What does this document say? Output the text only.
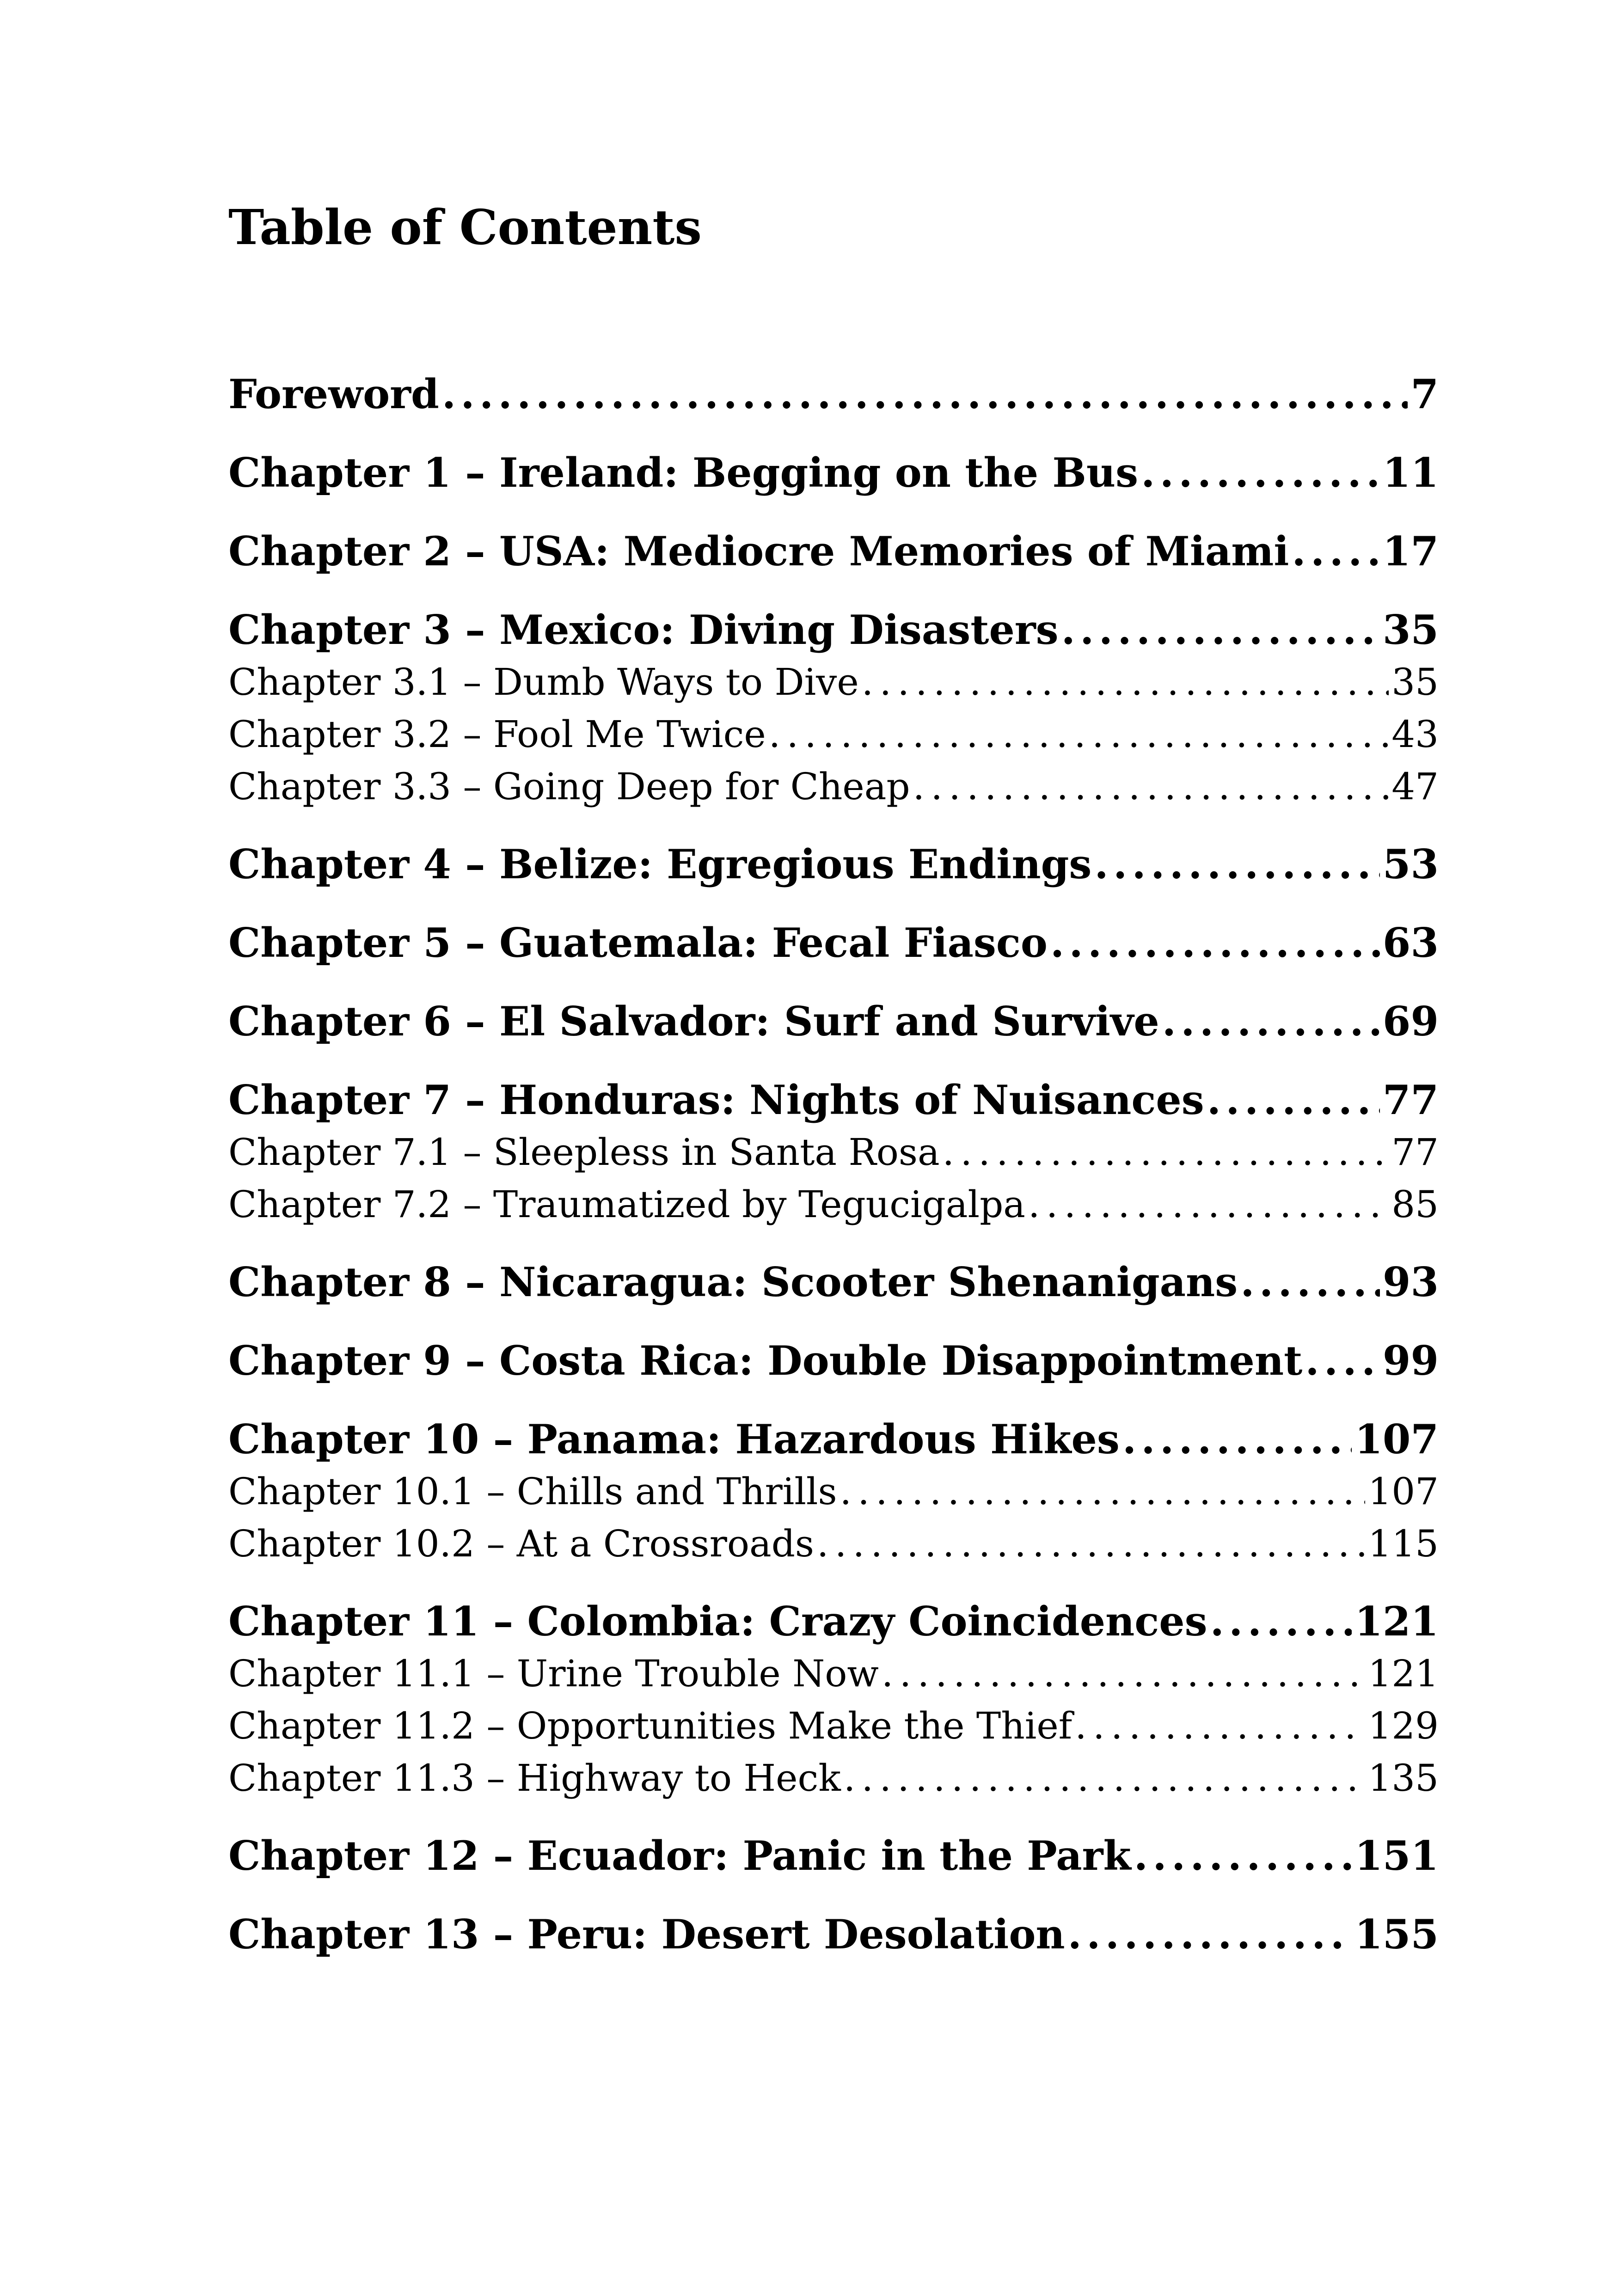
Table of Contents
Foreword . . .	7
Chapter 1 – Ireland: Begging on the Bus . . .	11
Chapter 2 – USA: Mediocre Memories of Miami . . . 17
Chapter 3 – Mexico: Diving Disasters . . .	35
Chapter 3.1 – Dumb Ways to Dive . . .	35
Chapter 3.2 – Fool Me Twice . . .	43
Chapter 3.3 – Going Deep for Cheap . . .	47
Chapter 4 – Belize: Egregious Endings . . .	53
Chapter 5 – Guatemala: Fecal Fiasco . . .	63
Chapter 6 – El Salvador: Surf and Survive . . .	69
Chapter 7 – Honduras: Nights of Nuisances . . .	77
Chapter 7.1 – Sleepless in Santa Rosa . . .	77
Chapter 7.2 – Traumatized by Tegucigalpa . . .	85
Chapter 8 – Nicaragua: Scooter Shenanigans . . .	93
Chapter 9 – Costa Rica: Double Disappointment . . . 99
Chapter 10 – Panama: Hazardous Hikes . . .	107
Chapter 10.1 – Chills and Thrills . . .	107
Chapter 10.2 – At a Crossroads . . .	115
Chapter 11 – Colombia: Crazy Coincidences . . .	121
Chapter 11.1 – Urine Trouble Now . . .	121
Chapter 11.2 – Opportunities Make the Thief . . .	129
Chapter 11.3 – Highway to Heck . . .	135
Chapter 12 – Ecuador: Panic in the Park . . .	151
Chapter 13 – Peru: Desert Desolation . . .	155
